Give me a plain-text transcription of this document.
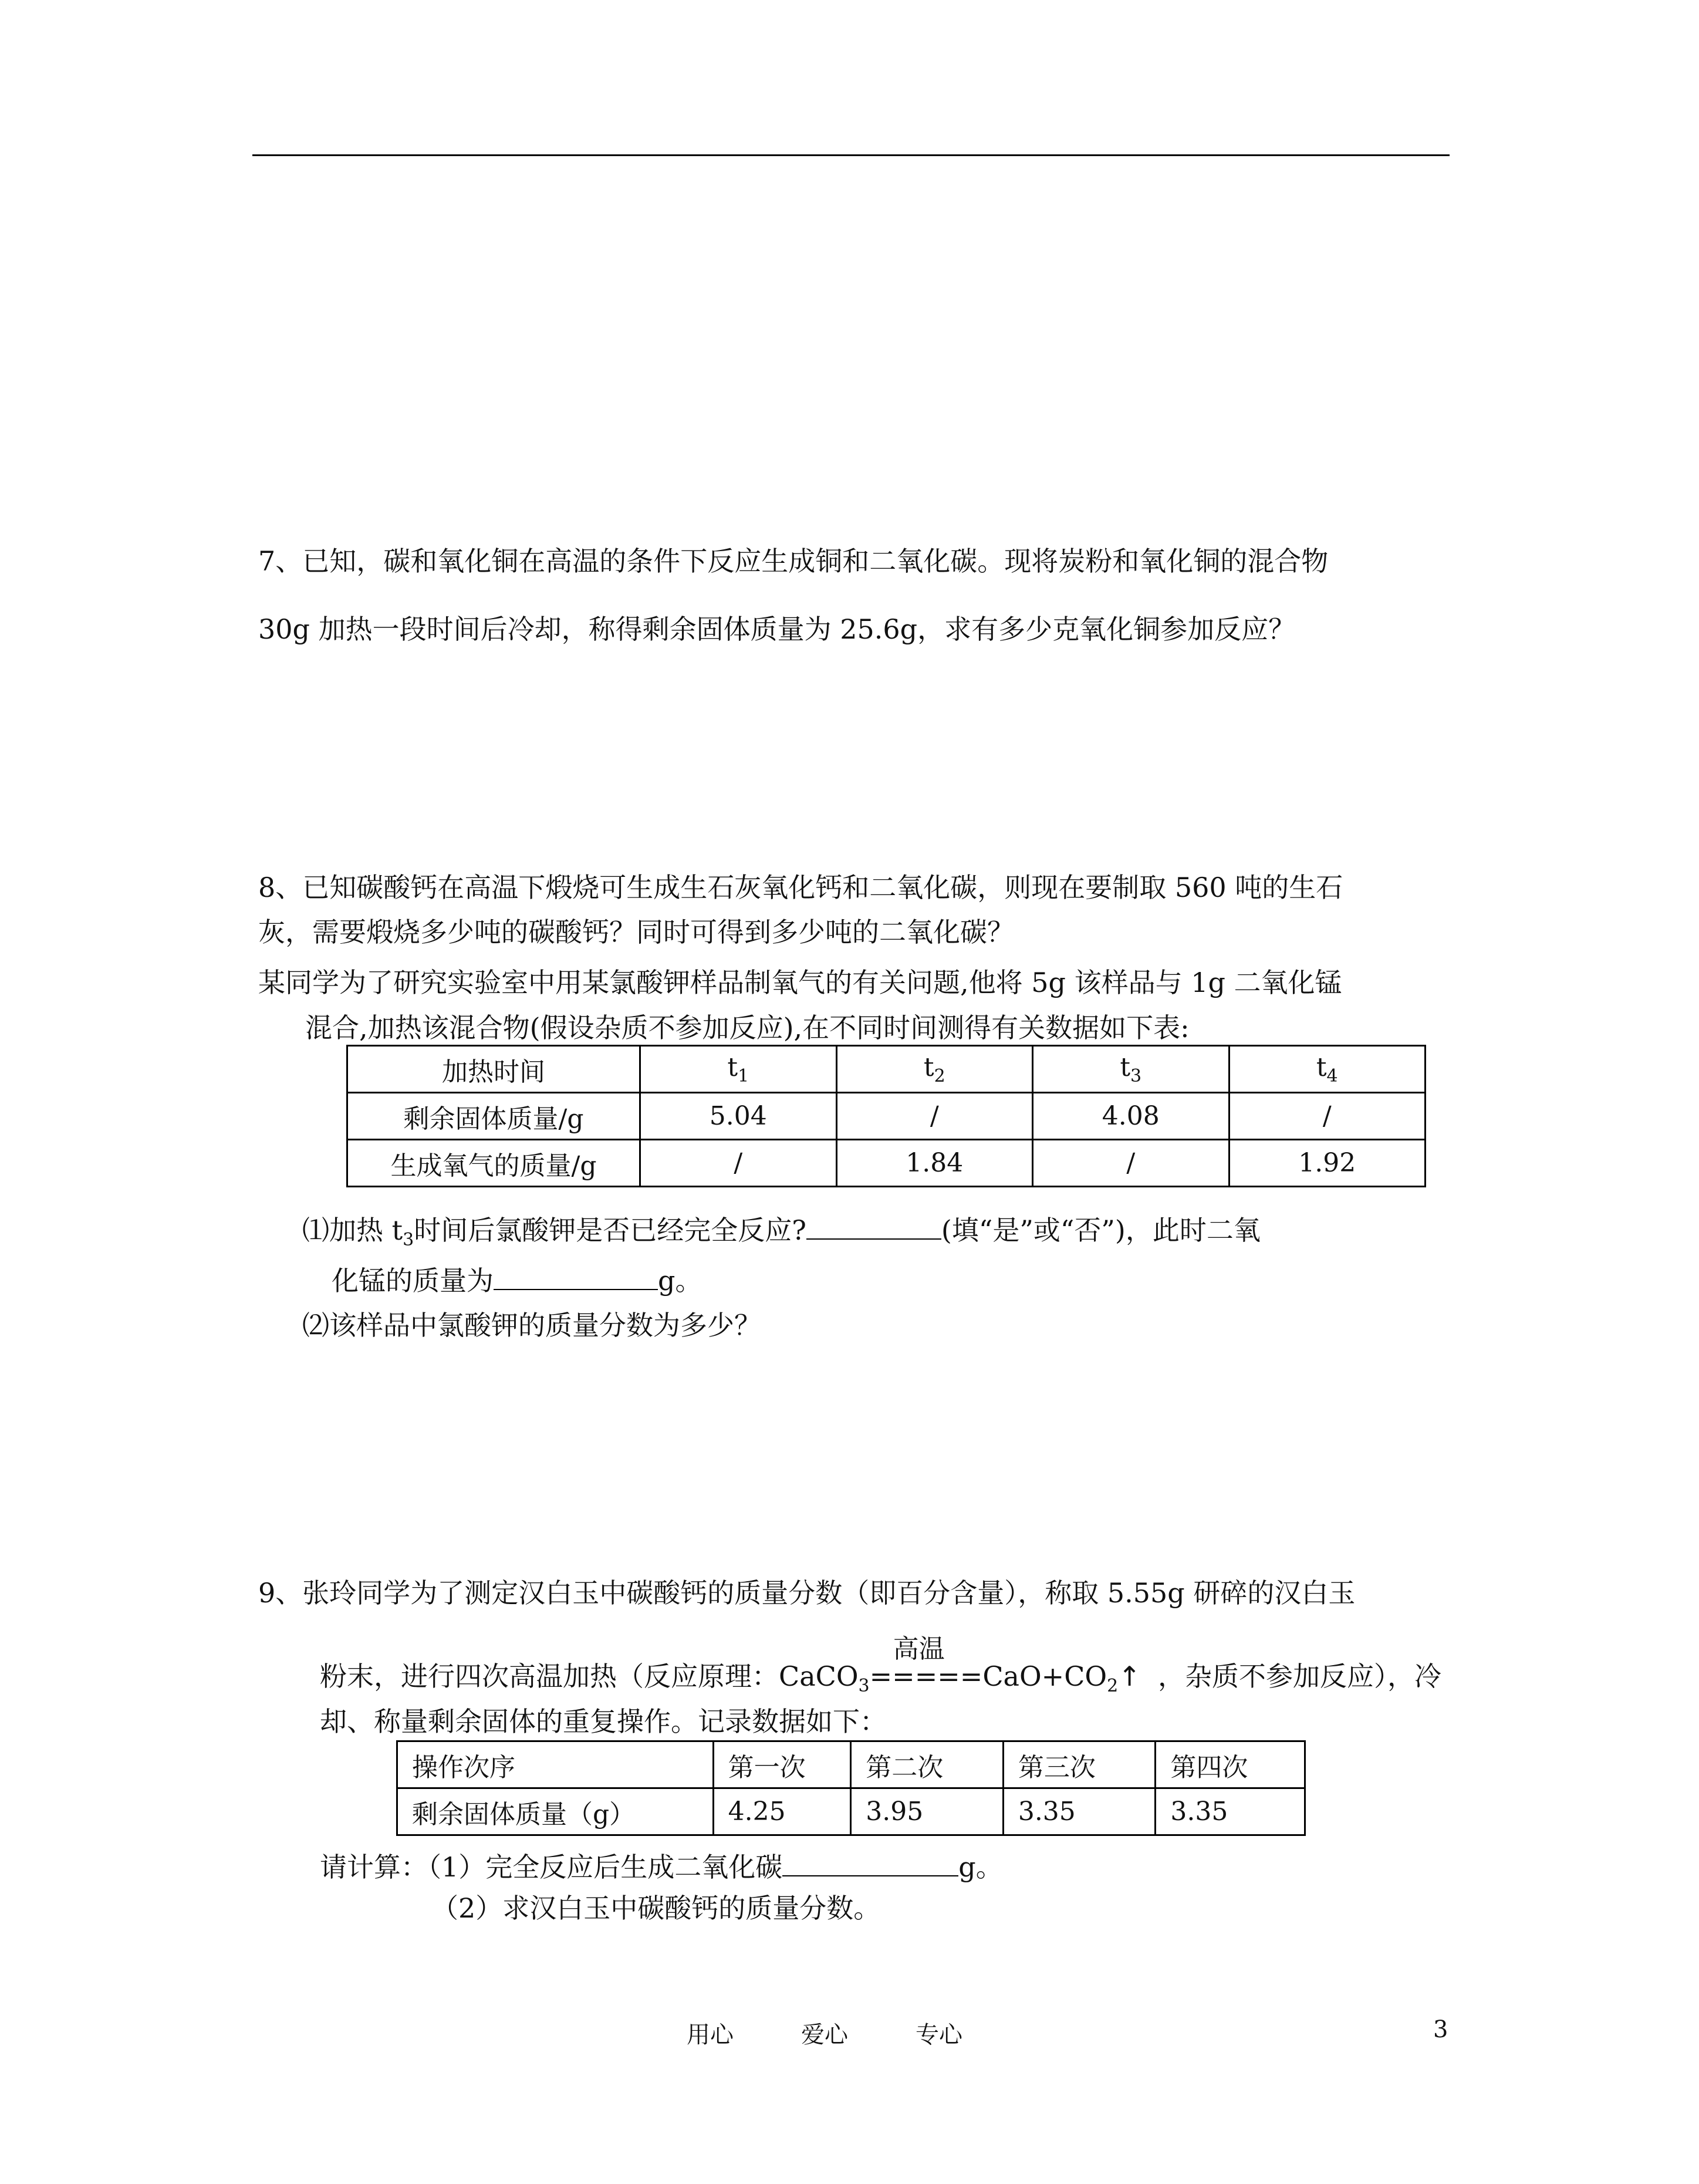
7、已知，碳和氧化铜在高温的条件下反应生成铜和二氧化碳。现将炭粉和氧化铜的混合物
30g 加热一段时间后冷却，称得剩余固体质量为 25.6g，求有多少克氧化铜参加反应？
8、已知碳酸钙在高温下煅烧可生成生石灰氧化钙和二氧化碳，则现在要制取 560 吨的生石
灰，需要煅烧多少吨的碳酸钙？同时可得到多少吨的二氧化碳？
某同学为了研究实验室中用某氯酸钾样品制氧气的有关问题,他将 5g 该样品与 1g 二氧化锰
混合,加热该混合物(假设杂质不参加反应),在不同时间测得有关数据如下表:
加热时间	$t_1$	$t_2$	$t_3$	$t_4$
剩余固体质量/g	5.04	/	4.08	/
生成氧气的质量/g	/	1.84	/	1.92
⑴加热 $t_3$时间后氯酸钾是否已经完全反应?	(填“是”或“否”)，此时二氧
化锰的质量为	g。
⑵该样品中氯酸钾的质量分数为多少？
9、张玲同学为了测定汉白玉中碳酸钙的质量分数（即百分含量），称取 5.55g 研碎的汉白玉
粉末，进行四次高温加热（反应原理：CaCO$_3$
高温
$=====CaO+CO_2↑$ ，杂质不参加反应），冷
却、称量剩余固体的重复操作。记录数据如下：
操作次序	第一次	第二次	第三次	第四次
剩余固体质量（g）	4.25	3.95	3.35	3.35
请计算：（1）完全反应后生成二氧化碳	g。
（2）求汉白玉中碳酸钙的质量分数。
用心	爱心	专心	3
